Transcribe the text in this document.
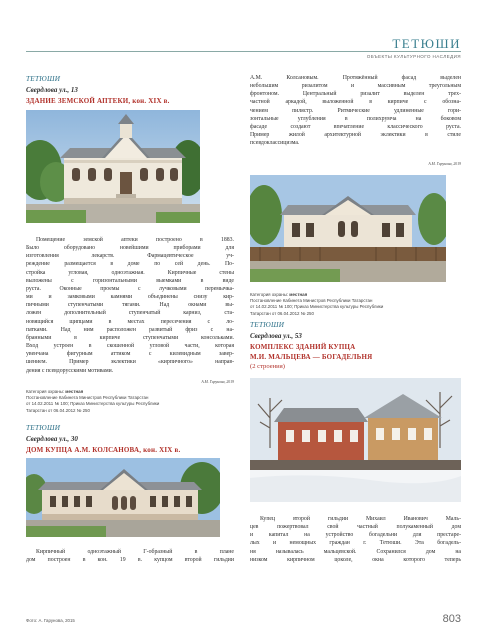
ТЕТЮШИ
ОБЪЕКТЫ КУЛЬТУРНОГО НАСЛЕДИЯ
ТЕТЮШИ
Свердлова ул., 13
ЗДАНИЕ ЗЕМСКОЙ АПТЕКИ, кон. XIX в.
Помещение земской аптеки построено в 1883.
Было оборудовано новейшими приборами для
изготовления лекарств. Фармацевтическое уч-
реждение размещается в доме по сей день. По-
стройка угловая, одноэтажная. Кирпичные стены
выложены с горизонтальными выемками в виде
руста. Оконные проемы с лучковыми перемычка-
ми и замковыми камнями объединены снизу кир-
пичными ступенчатыми тягами. Над окнами вы-
ложен дополнительный ступенчатый карниз, ста-
новящийся щипцами в местах пересечения с ло-
патками. Над ним расположен развитый фриз с на-
бранными в кирпиче ступенчатыми консольками.
Вход устроен в скошенной угловой части, которая
увенчана фигурным аттиком с килевидным завер-
шением. Пример эклектики «кирпичного» направ-
дения с псевдорусскими мотивами.
А.М. Гарунова, 2019
Категория охраны: местная
Постановление Кабинета Министров Республики Татарстан
от 14.02.2011 № 100; Приказ Министерства культуры Республики
Татарстан от 06.04.2012 № 250
ТЕТЮШИ
Свердлова ул., 30
ДОМ КУПЦА А.М. КОЛСАНОВА, кон. XIX в.
Кирпичный одноэтажный Г-образный в плане
дом построен в кон. 19 в. купцом второй гильдии
А.М. Колсановым. Протяжённый фасад выделен
небольшим ризалитом и массивным треугольным
фронтоном. Центральный ризалит выделен трех-
частной аркадой, выложенной в кирпиче с обозна-
чением пилястр. Ритмические удлиненные гори-
зонтальные углубления в полихрумча на боковом
фасаде создают впечатление классического руста.
Пример жилой архитектурной эклектики в стиле
псевдоклассицизма.
А.М. Гарунова, 2019
Категория охраны: местная
Постановление Кабинета Министров Республики Татарстан
от 14.02.2011 № 100; Приказ Министерства культуры Республики
Татарстан от 06.04.2012 № 250
ТЕТЮШИ
Свердлова ул., 53
КОМПЛЕКС ЗДАНИЙ КУПЦА
М.И. МАЛЬЦЕВА — БОГАДЕЛЬНЯ
(2 строения)
Купец второй гильдии Михаил Иванович Маль-
цев пожертвовал свой частный полукаменный дом
и капитал на устройство богадельни для престаре-
лых и немощных граждан г. Тетюши. Эта богадель-
ня называлась мальцевской. Сохранился дом на
низком кирпичном цоколе, окна которого теперь
Фото: А. Гарунова, 2015	803
